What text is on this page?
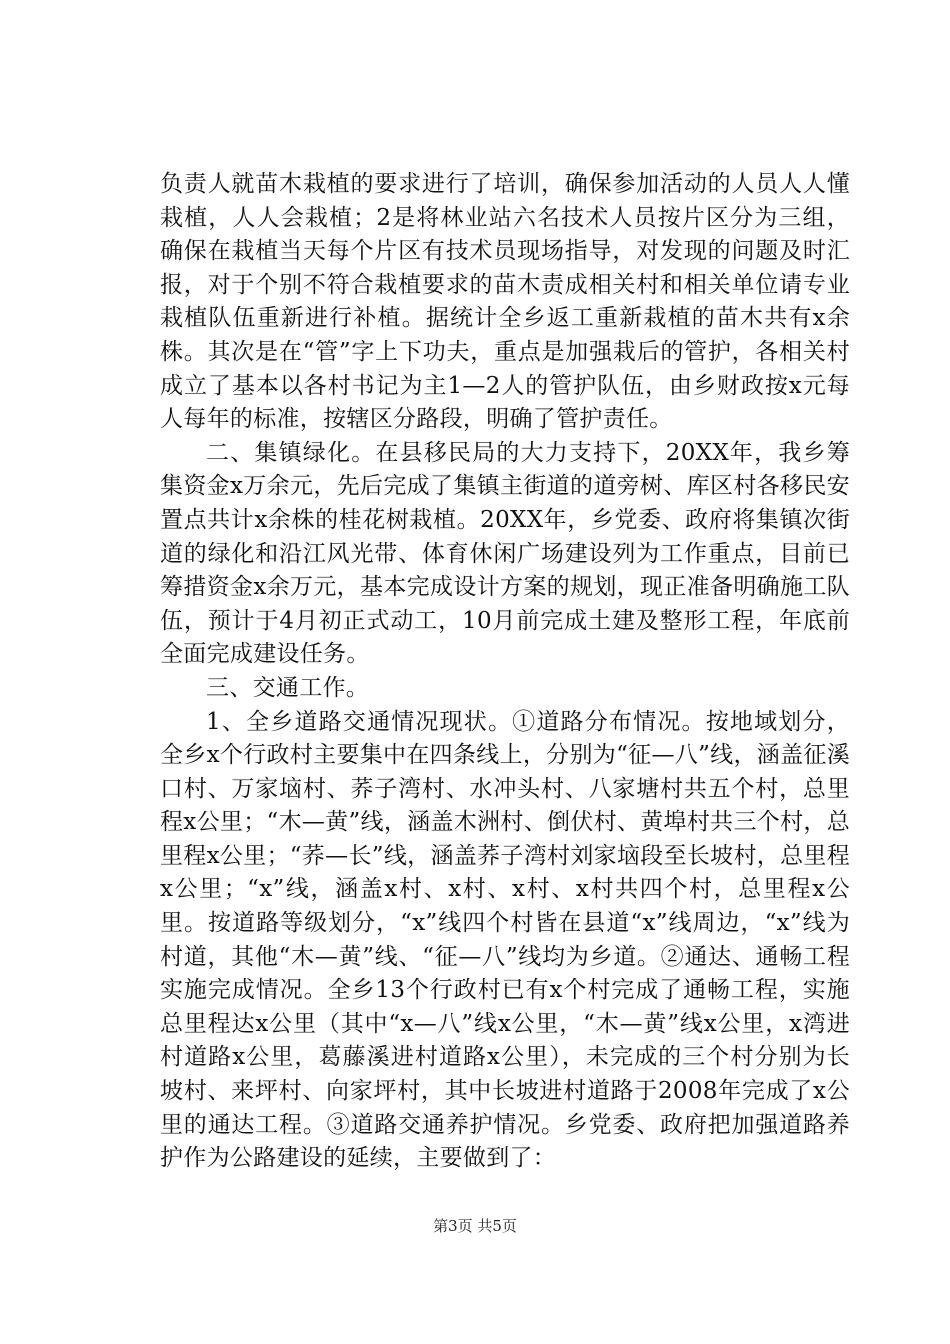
负责人就苗木栽植的要求进行了培训，确保参加活动的人员人人懂栽植，人人会栽植；2是将林业站六名技术人员按片区分为三组，确保在栽植当天每个片区有技术员现场指导，对发现的问题及时汇报，对于个别不符合栽植要求的苗木责成相关村和相关单位请专业栽植队伍重新进行补植。据统计全乡返工重新栽植的苗木共有x余株。其次是在“管”字上下功夫，重点是加强栽后的管护，各相关村成立了基本以各村书记为主1—2人的管护队伍，由乡财政按x元每人每年的标准，按辖区分路段，明确了管护责任。

二、集镇绿化。在县移民局的大力支持下，20XX年，我乡筹集资金x万余元，先后完成了集镇主街道的道旁树、库区村各移民安置点共计x余株的桂花树栽植。20XX年，乡党委、政府将集镇次街道的绿化和沿江风光带、体育休闲广场建设列为工作重点，目前已筹措资金x余万元，基本完成设计方案的规划，现正准备明确施工队伍，预计于4月初正式动工，10月前完成土建及整形工程，年底前全面完成建设任务。

三、交通工作。

1、全乡道路交通情况现状。①道路分布情况。按地域划分，全乡x个行政村主要集中在四条线上，分别为“征—八”线，涵盖征溪口村、万家垴村、荞子湾村、水冲头村、八家塘村共五个村，总里程x公里；“木—黄”线，涵盖木洲村、倒伏村、黄埠村共三个村，总里程x公里；“荞—长”线，涵盖荞子湾村刘家垴段至长坡村，总里程x公里；“x”线，涵盖x村、x村、x村、x村共四个村，总里程x公里。按道路等级划分，“x”线四个村皆在县道“x”线周边，“x”线为村道，其他“木—黄”线、“征—八”线均为乡道。②通达、通畅工程实施完成情况。全乡13个行政村已有x个村完成了通畅工程，实施总里程达x公里（其中“x—八”线x公里，“木—黄”线x公里，x湾进村道路x公里，葛藤溪进村道路x公里），未完成的三个村分别为长坡村、来坪村、向家坪村，其中长坡进村道路于2008年完成了x公里的通达工程。③道路交通养护情况。乡党委、政府把加强道路养护作为公路建设的延续，主要做到了：

第3页 共5页
